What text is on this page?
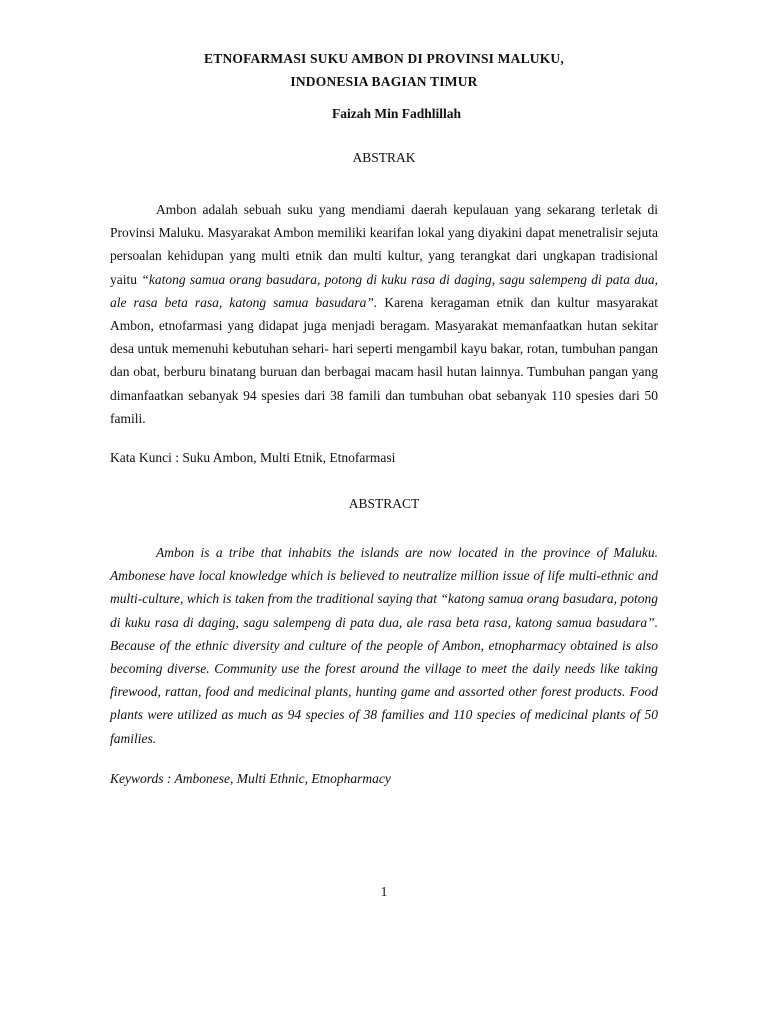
ETNOFARMASI SUKU AMBON DI PROVINSI MALUKU,
INDONESIA BAGIAN TIMUR
Faizah Min Fadhlillah
ABSTRAK

Ambon adalah sebuah suku yang mendiami daerah kepulauan yang sekarang terletak di Provinsi Maluku. Masyarakat Ambon memiliki kearifan lokal yang diyakini dapat menetralisir sejuta persoalan kehidupan yang multi etnik dan multi kultur, yang terangkat dari ungkapan tradisional yaitu “katong samua orang basudara, potong di kuku rasa di daging, sagu salempeng di pata dua, ale rasa beta rasa, katong samua basudara”. Karena keragaman etnik dan kultur masyarakat Ambon, etnofarmasi yang didapat juga menjadi beragam. Masyarakat memanfaatkan hutan sekitar desa untuk memenuhi kebutuhan sehari- hari seperti mengambil kayu bakar, rotan, tumbuhan pangan dan obat, berburu binatang buruan dan berbagai macam hasil hutan lainnya. Tumbuhan pangan yang dimanfaatkan sebanyak 94 spesies dari 38 famili dan tumbuhan obat sebanyak 110 spesies dari 50 famili.

Kata Kunci : Suku Ambon, Multi Etnik, Etnofarmasi
ABSTRACT

Ambon is a tribe that inhabits the islands are now located in the province of Maluku. Ambonese have local knowledge which is believed to neutralize million issue of life multi-ethnic and multi-culture, which is taken from the traditional saying that “katong samua orang basudara, potong di kuku rasa di daging, sagu salempeng di pata dua, ale rasa beta rasa, katong samua basudara”. Because of the ethnic diversity and culture of the people of Ambon, etnopharmacy obtained is also becoming diverse. Community use the forest around the village to meet the daily needs like taking firewood, rattan, food and medicinal plants, hunting game and assorted other forest products. Food plants were utilized as much as 94 species of 38 families and 110 species of medicinal plants of 50 families.

Keywords : Ambonese, Multi Ethnic, Etnopharmacy
1
